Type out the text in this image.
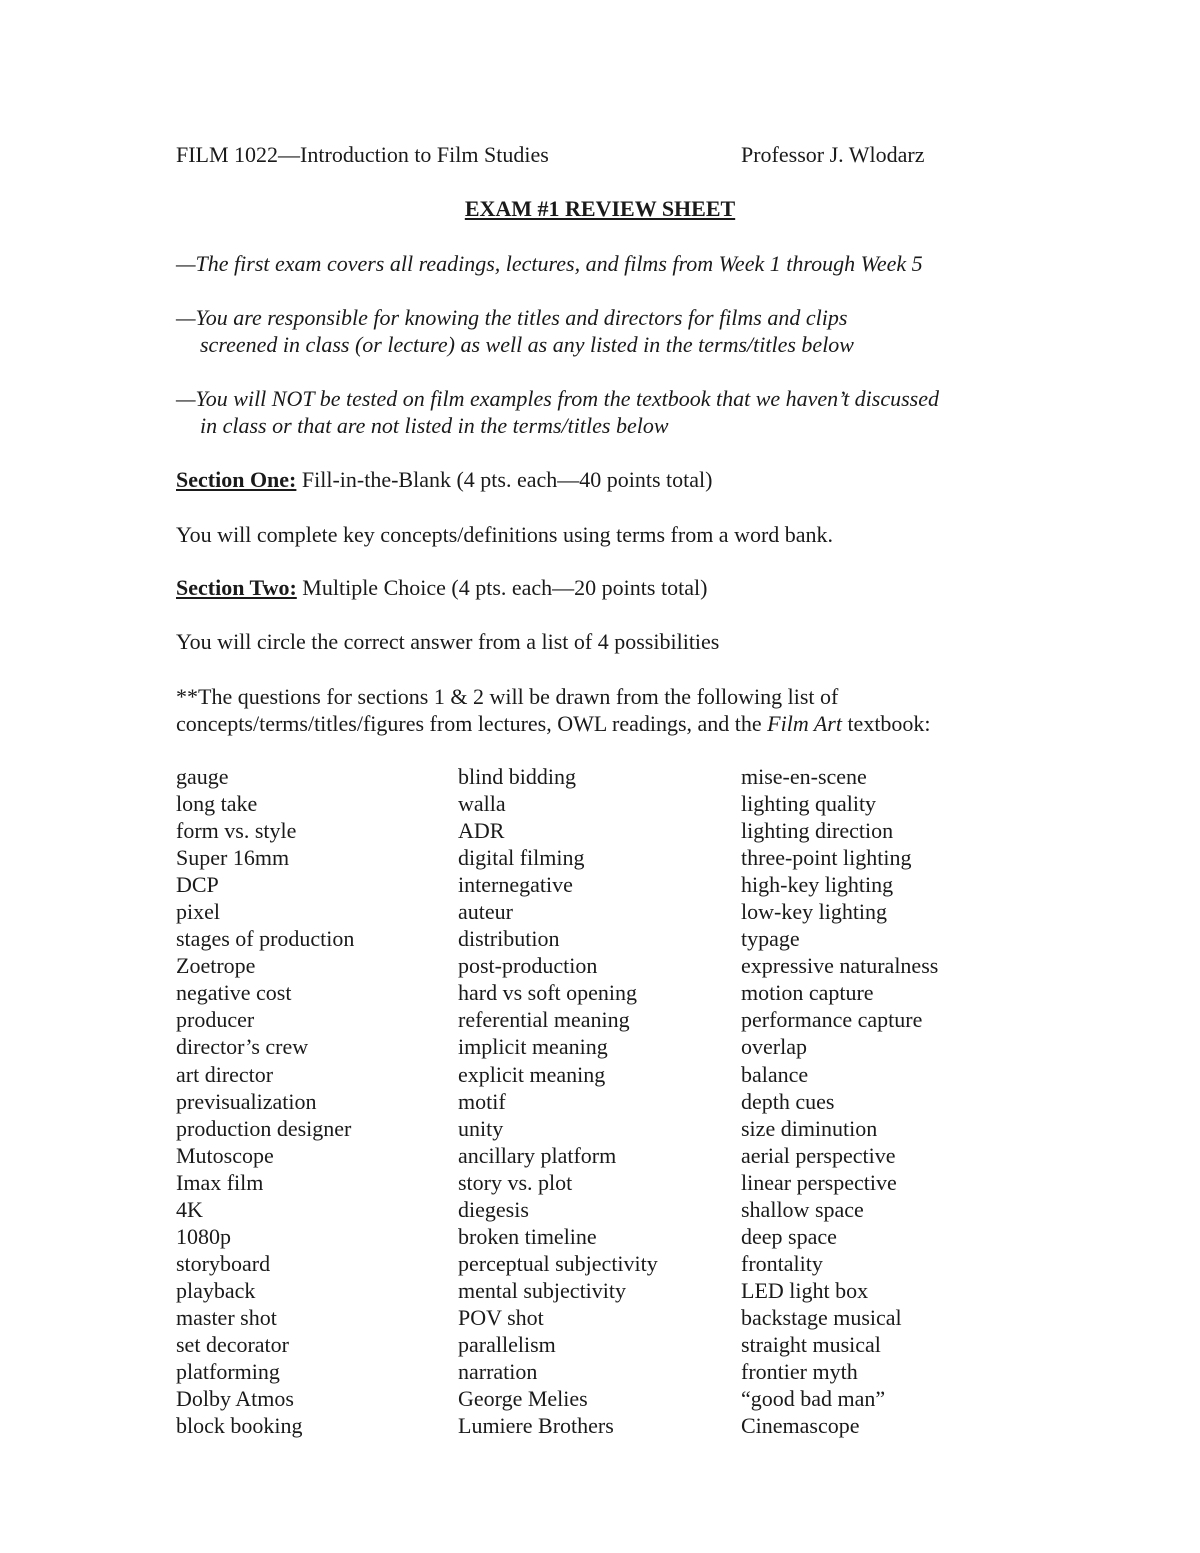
FILM 1022—Introduction to Film Studies	Professor J. Wlodarz
EXAM #1 REVIEW SHEET
—The first exam covers all readings, lectures, and films from Week 1 through Week 5
—You are responsible for knowing the titles and directors for films and clips
screened in class (or lecture) as well as any listed in the terms/titles below
—You will NOT be tested on film examples from the textbook that we haven’t discussed
in class or that are not listed in the terms/titles below
Section One: Fill-in-the-Blank (4 pts. each—40 points total)
You will complete key concepts/definitions using terms from a word bank.
Section Two: Multiple Choice (4 pts. each—20 points total)
You will circle the correct answer from a list of 4 possibilities
**The questions for sections 1 & 2 will be drawn from the following list of
concepts/terms/titles/figures from lectures, OWL readings, and the Film Art textbook:
gauge
long take
form vs. style
Super 16mm
DCP
pixel
stages of production
Zoetrope
negative cost
producer
director’s crew
art director
previsualization
production designer
Mutoscope
Imax film
4K
1080p
storyboard
playback
master shot
set decorator
platforming
Dolby Atmos
block booking
blind bidding
walla
ADR
digital filming
internegative
auteur
distribution
post-production
hard vs soft opening
referential meaning
implicit meaning
explicit meaning
motif
unity
ancillary platform
story vs. plot
diegesis
broken timeline
perceptual subjectivity
mental subjectivity
POV shot
parallelism
narration
George Melies
Lumiere Brothers
mise-en-scene
lighting quality
lighting direction
three-point lighting
high-key lighting
low-key lighting
typage
expressive naturalness
motion capture
performance capture
overlap
balance
depth cues
size diminution
aerial perspective
linear perspective
shallow space
deep space
frontality
LED light box
backstage musical
straight musical
frontier myth
“good bad man”
Cinemascope
